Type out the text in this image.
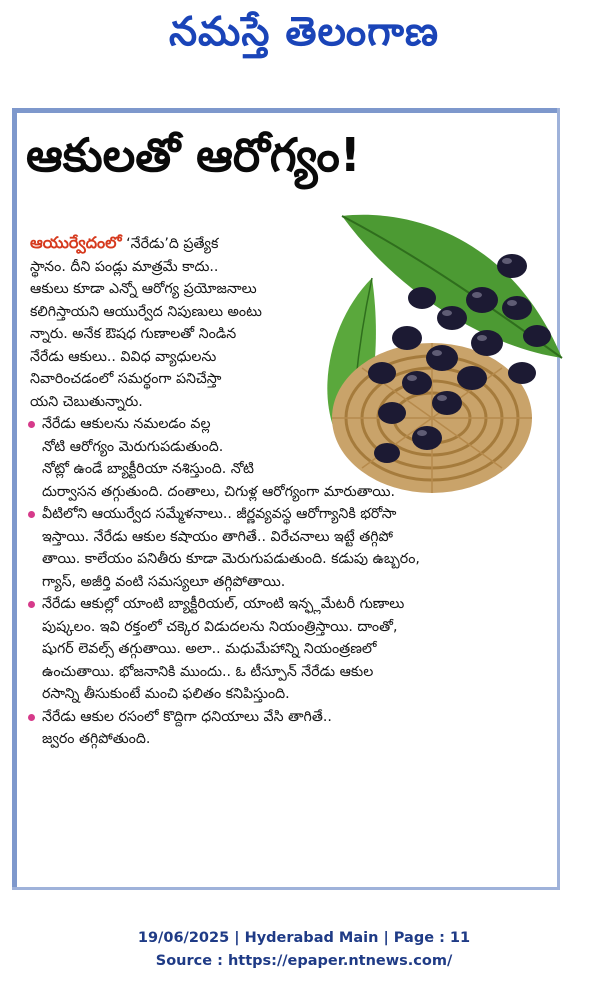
నమస్తే తెలంగాణ
ఆకులతో ఆరోగ్యం!
ఆయుర్వేదంలో ‘నేరేడు’ది ప్రత్యేక
స్థానం. దీని పండ్లు మాత్రమే కాదు..
ఆకులు కూడా ఎన్నో ఆరోగ్య ప్రయోజనాలు
కలిగిస్తాయని ఆయుర్వేద నిపుణులు అంటు
న్నారు. అనేక ఔషధ గుణాలతో నిండిన
నేరేడు ఆకులు.. వివిధ వ్యాధులను
నివారించడంలో సమర్థంగా పనిచేస్తా
యని చెబుతున్నారు.
నేరేడు ఆకులను నమలడం వల్ల
నోటి ఆరోగ్యం మెరుగుపడుతుంది.
నోట్లో ఉండే బ్యాక్టీరియా నశిస్తుంది. నోటి
దుర్వాసన తగ్గుతుంది. దంతాలు, చిగుళ్ల ఆరోగ్యంగా మారుతాయి.
వీటిలోని ఆయుర్వేద సమ్మేళనాలు.. జీర్ణవ్యవస్థ ఆరోగ్యానికి భరోసా
ఇస్తాయి. నేరేడు ఆకుల కషాయం తాగితే.. విరేచనాలు ఇట్టే తగ్గిపో
తాయి. కాలేయం పనితీరు కూడా మెరుగుపడుతుంది. కడుపు ఉబ్బరం,
గ్యాస్, అజీర్తి వంటి సమస్యలూ తగ్గిపోతాయి.
నేరేడు ఆకుల్లో యాంటి బ్యాక్టీరియల్, యాంటి ఇన్ఫ్లమేటరీ గుణాలు
పుష్కలం. ఇవి రక్తంలో చక్కెర విడుదలను నియంత్రిస్తాయి. దాంతో,
షుగర్ లెవల్స్ తగ్గుతాయి. అలా.. మధుమేహాన్ని నియంత్రణలో
ఉంచుతాయి. భోజనానికి ముందు.. ఓ టీస్పూన్ నేరేడు ఆకుల
రసాన్ని తీసుకుంటే మంచి ఫలితం కనిపిస్తుంది.
నేరేడు ఆకుల రసంలో కొద్దిగా ధనియాలు వేసి తాగితే..
జ్వరం తగ్గిపోతుంది.
19/06/2025 | Hyderabad Main | Page : 11
Source : https://epaper.ntnews.com/
